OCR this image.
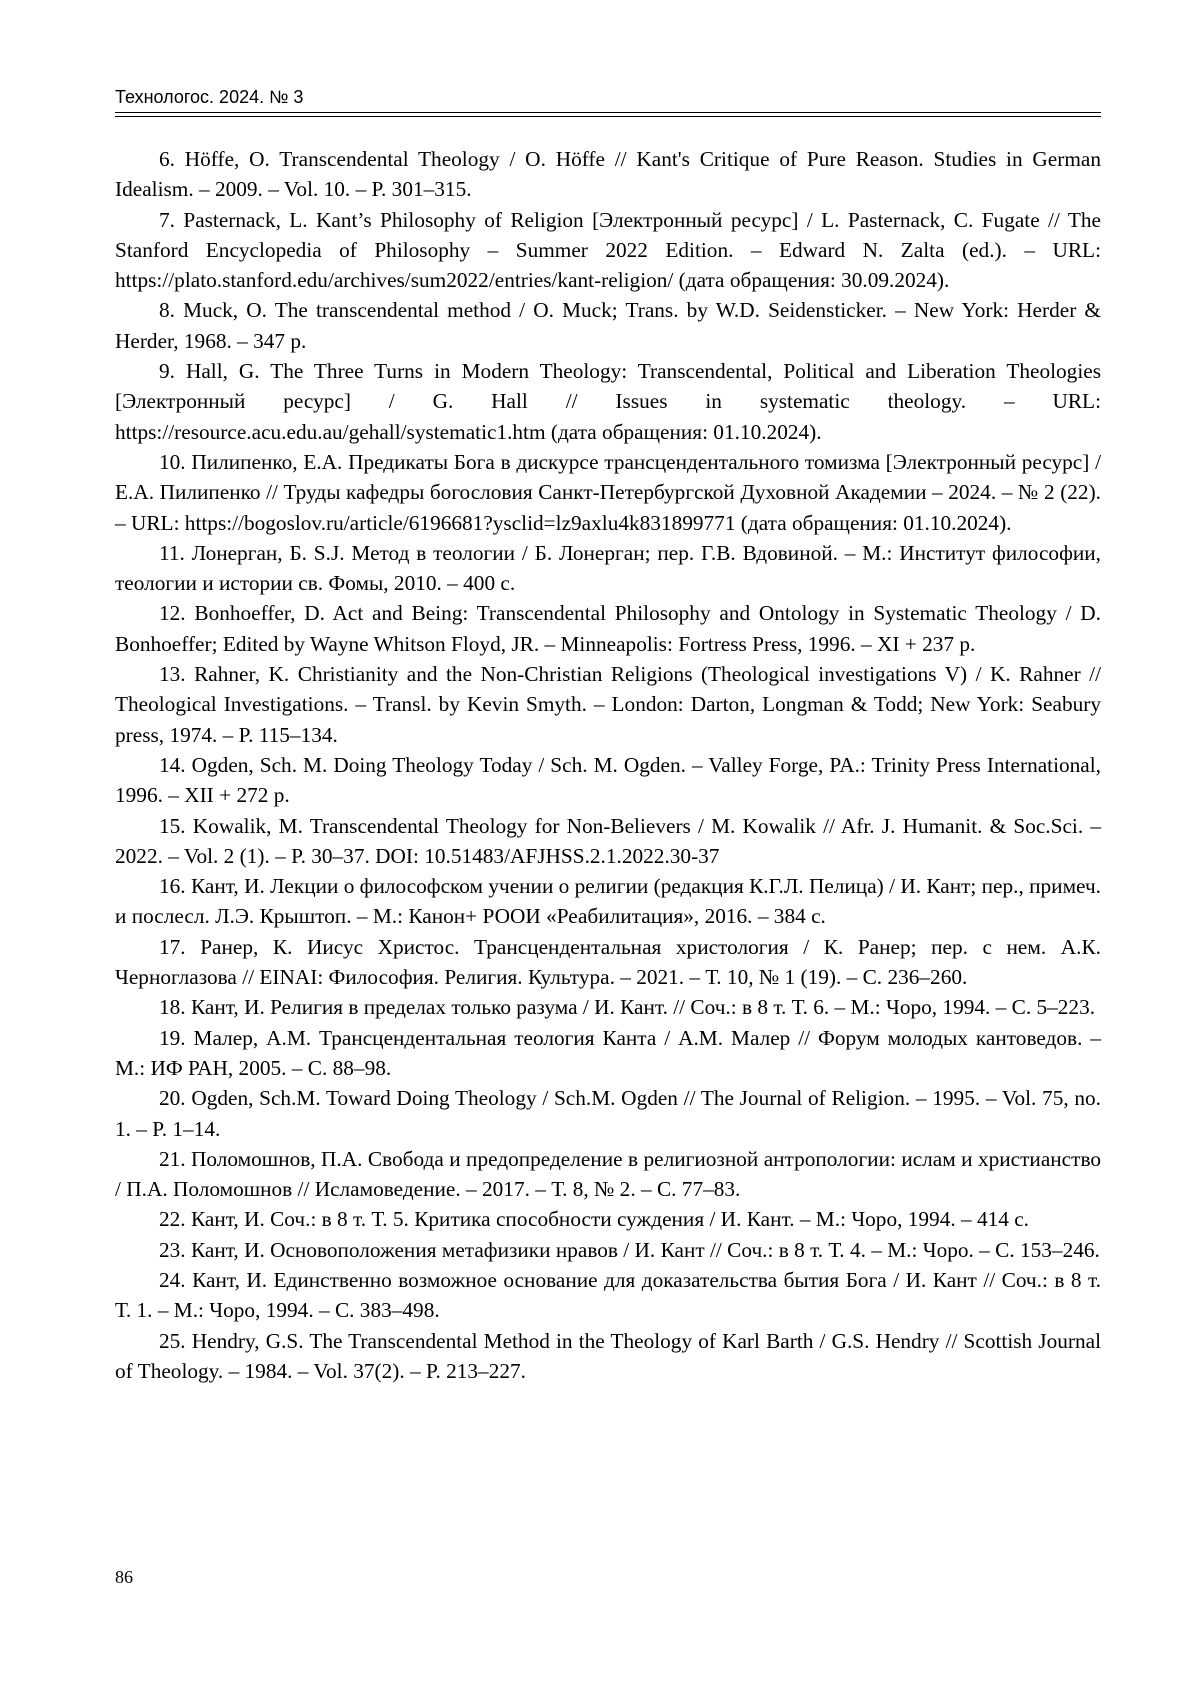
Технологос. 2024. № 3

6. Höffe, O. Transcendental Theology / O. Höffe // Kant's Critique of Pure Reason. Studies in German Idealism. – 2009. – Vol. 10. – P. 301–315.

7. Pasternack, L. Kant’s Philosophy of Religion [Электронный ресурс] / L. Pasternack, C. Fugate // The Stanford Encyclopedia of Philosophy – Summer 2022 Edition. – Edward N. Zalta (ed.). – URL: https://plato.stanford.edu/archives/sum2022/entries/kant-religion/ (дата обращения: 30.09.2024).

8. Muck, O. The transcendental method / O. Muck; Trans. by W.D. Seidensticker. – New York: Herder & Herder, 1968. – 347 p.

9. Hall, G. The Three Turns in Modern Theology: Transcendental, Political and Liberation Theologies [Электронный ресурс] / G. Hall // Issues in systematic theology. – URL: https://resource.acu.edu.au/gehall/systematic1.htm (дата обращения: 01.10.2024).

10. Пилипенко, Е.А. Предикаты Бога в дискурсе трансцендентального томизма [Электронный ресурс] / Е.А. Пилипенко // Труды кафедры богословия Санкт-Петербургской Духовной Академии – 2024. – № 2 (22). – URL: https://bogoslov.ru/article/6196681?ysclid=lz9axlu4k831899771 (дата обращения: 01.10.2024).

11. Лонерган, Б. S.J. Метод в теологии / Б. Лонерган; пер. Г.В. Вдовиной. – М.: Институт философии, теологии и истории св. Фомы, 2010. – 400 с.

12. Bonhoeffer, D. Act and Being: Transcendental Philosophy and Ontology in Systematic Theology / D. Bonhoeffer; Edited by Wayne Whitson Floyd, JR. – Minneapolis: Fortress Press, 1996. – XI + 237 p.

13. Rahner, K. Christianity and the Non-Christian Religions (Theological investigations V) / K. Rahner // Theological Investigations. – Transl. by Kevin Smyth. – London: Darton, Longman & Todd; New York: Seabury press, 1974. – P. 115–134.

14. Ogden, Sch. M. Doing Theology Today / Sch. M. Ogden. – Valley Forge, PA.: Trinity Press International, 1996. – XII + 272 p.

15. Kowalik, M. Transcendental Theology for Non-Believers / M. Kowalik // Afr. J. Humanit. & Soc.Sci. – 2022. – Vol. 2 (1). – P. 30–37. DOI: 10.51483/AFJHSS.2.1.2022.30-37

16. Кант, И. Лекции о философском учении о религии (редакция К.Г.Л. Пелица) / И. Кант; пер., примеч. и послесл. Л.Э. Крыштоп. – М.: Канон+ РООИ «Реабилитация», 2016. – 384 с.

17. Ранер, К. Иисус Христос. Трансцендентальная христология / К. Ранер; пер. с нем. А.К. Черноглазова // EINAI: Философия. Религия. Культура. – 2021. – Т. 10, № 1 (19). – С. 236–260.

18. Кант, И. Религия в пределах только разума / И. Кант. // Соч.: в 8 т. Т. 6. – М.: Чоро, 1994. – С. 5–223.

19. Малер, А.М. Трансцендентальная теология Канта / А.М. Малер // Форум молодых кантоведов. – М.: ИФ РАН, 2005. – С. 88–98.

20. Ogden, Sch.M. Toward Doing Theology / Sch.M. Ogden // The Journal of Religion. – 1995. – Vol. 75, no. 1. – P. 1–14.

21. Поломошнов, П.А. Свобода и предопределение в религиозной антропологии: ислам и христианство / П.А. Поломошнов // Исламоведение. – 2017. – Т. 8, № 2. – С. 77–83.

22. Кант, И. Соч.: в 8 т. Т. 5. Критика способности суждения / И. Кант. – М.: Чоро, 1994. – 414 с.

23. Кант, И. Основоположения метафизики нравов / И. Кант // Соч.: в 8 т. Т. 4. – М.: Чоро. – С. 153–246.

24. Кант, И. Единственно возможное основание для доказательства бытия Бога / И. Кант // Соч.: в 8 т. Т. 1. – М.: Чоро, 1994. – С. 383–498.

25. Hendry, G.S. The Transcendental Method in the Theology of Karl Barth / G.S. Hendry // Scottish Journal of Theology. – 1984. – Vol. 37(2). – P. 213–227.

86
